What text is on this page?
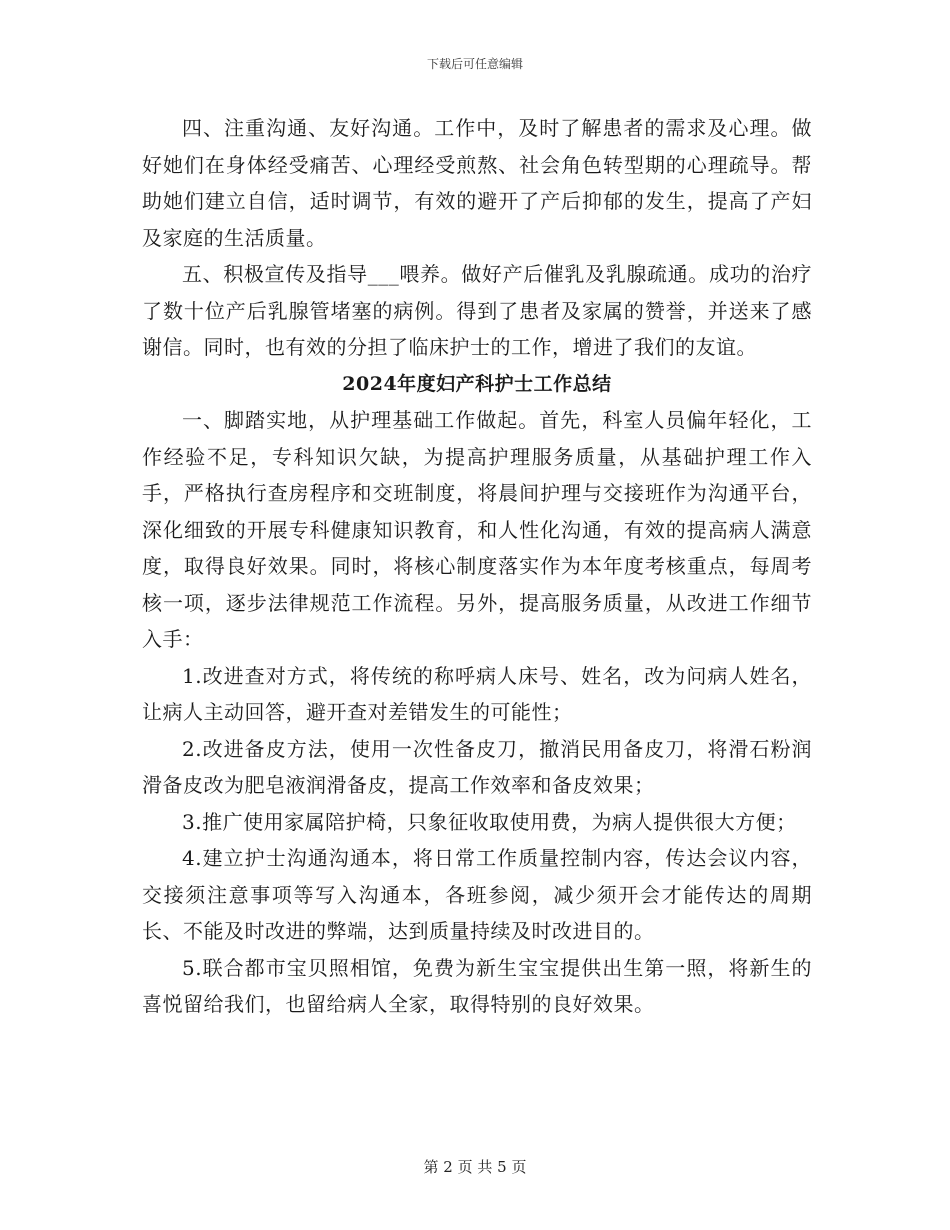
下载后可任意编辑

四、注重沟通、友好沟通。工作中，及时了解患者的需求及心理。做好她们在身体经受痛苦、心理经受煎熬、社会角色转型期的心理疏导。帮助她们建立自信，适时调节，有效的避开了产后抑郁的发生，提高了产妇及家庭的生活质量。

五、积极宣传及指导___喂养。做好产后催乳及乳腺疏通。成功的治疗了数十位产后乳腺管堵塞的病例。得到了患者及家属的赞誉，并送来了感谢信。同时，也有效的分担了临床护士的工作，增进了我们的友谊。

2024年度妇产科护士工作总结

一、脚踏实地，从护理基础工作做起。首先，科室人员偏年轻化，工作经验不足，专科知识欠缺，为提高护理服务质量，从基础护理工作入手，严格执行查房程序和交班制度，将晨间护理与交接班作为沟通平台，深化细致的开展专科健康知识教育，和人性化沟通，有效的提高病人满意度，取得良好效果。同时，将核心制度落实作为本年度考核重点，每周考核一项，逐步法律规范工作流程。另外，提高服务质量，从改进工作细节入手：

1.改进查对方式，将传统的称呼病人床号、姓名，改为问病人姓名，让病人主动回答，避开查对差错发生的可能性；

2.改进备皮方法，使用一次性备皮刀，撤消民用备皮刀，将滑石粉润滑备皮改为肥皂液润滑备皮，提高工作效率和备皮效果；

3.推广使用家属陪护椅，只象征收取使用费，为病人提供很大方便；

4.建立护士沟通沟通本，将日常工作质量控制内容，传达会议内容，交接须注意事项等写入沟通本，各班参阅，减少须开会才能传达的周期长、不能及时改进的弊端，达到质量持续及时改进目的。

5.联合都市宝贝照相馆，免费为新生宝宝提供出生第一照，将新生的喜悦留给我们，也留给病人全家，取得特别的良好效果。

第 2 页 共 5 页
